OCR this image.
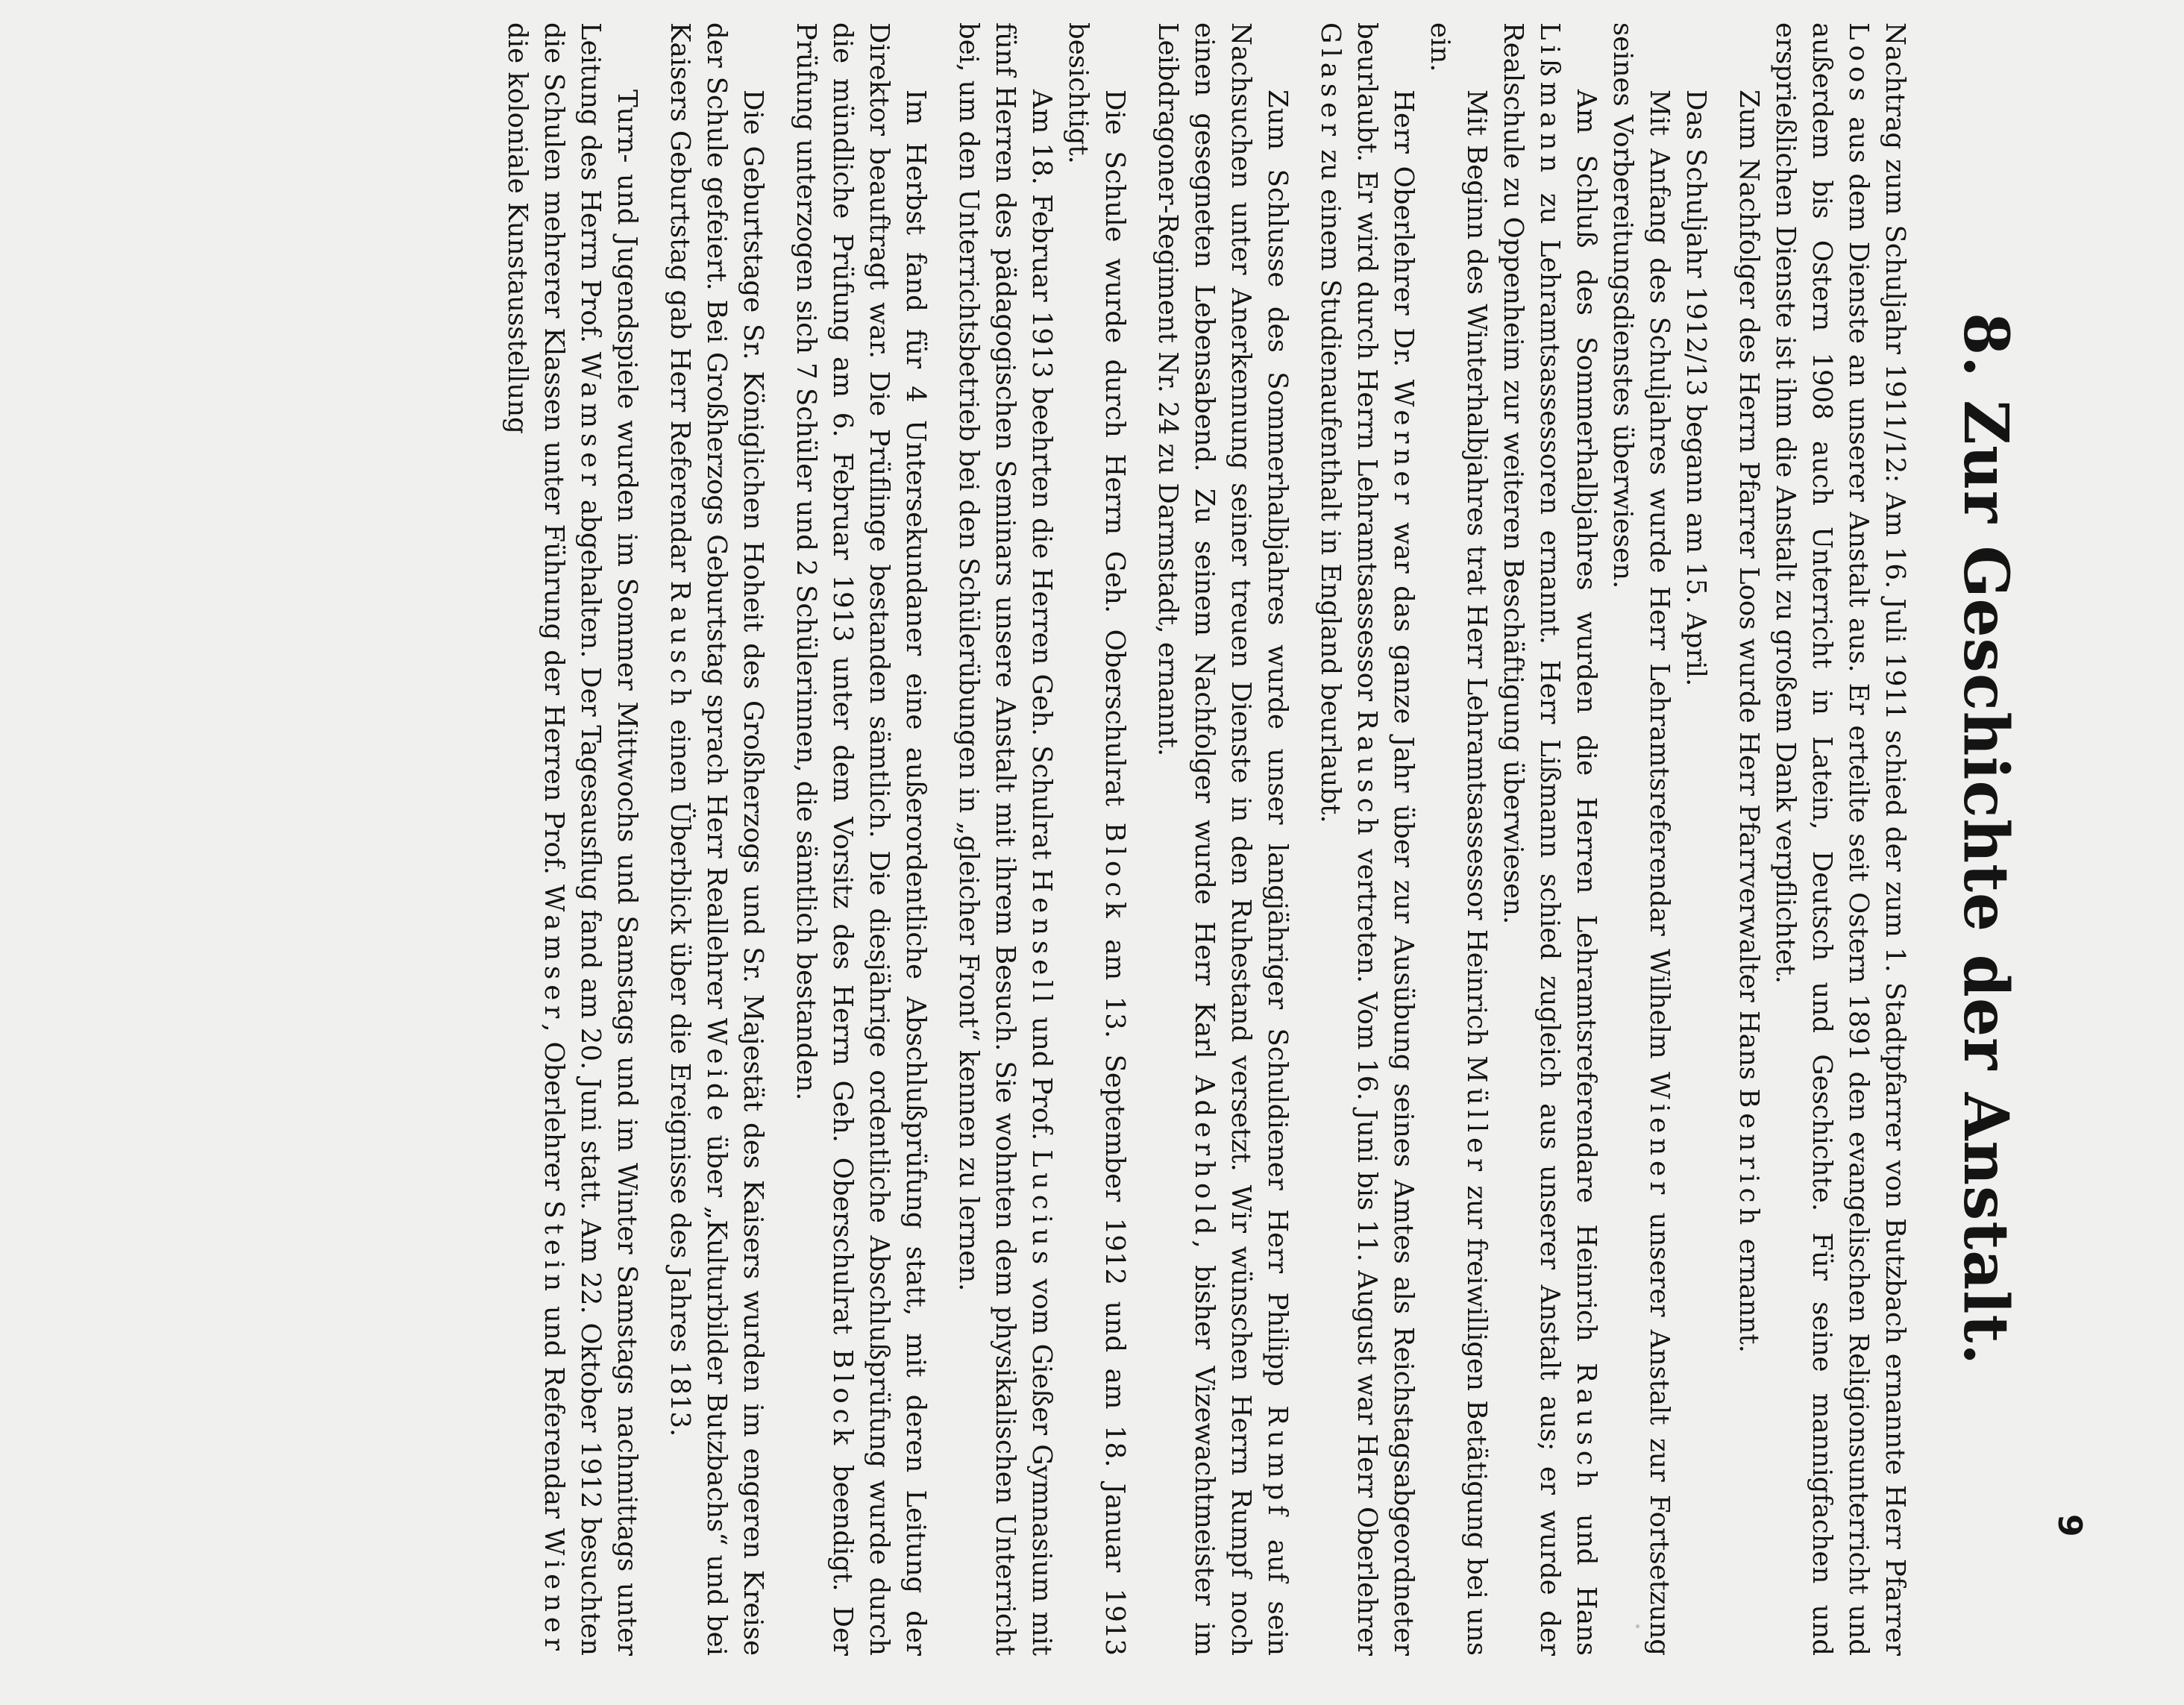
9
8. Zur Geschichte der Anstalt.

Nachtrag zum Schuljahr 1911/12: Am 16. Juli 1911 schied der zum 1. Stadtpfarrer von Butzbach ernannte Herr Pfarrer Loos aus dem Dienste an unserer Anstalt aus. Er erteilte seit Ostern 1891 den evangelischen Religionsunterricht und außerdem bis Ostern 1908 auch Unterricht in Latein, Deutsch und Geschichte. Für seine mannigfachen und ersprießlichen Dienste ist ihm die Anstalt zu großem Dank verpflichtet.

Zum Nachfolger des Herrn Pfarrer Loos wurde Herr Pfarrverwalter Hans Benrich ernannt.

Das Schuljahr 1912/13 begann am 15. April.

Mit Anfang des Schuljahres wurde Herr Lehramtsreferendar Wilhelm Wiener unserer Anstalt zur Fortsetzung seines Vorbereitungsdienstes überwiesen.

Am Schluß des Sommerhalbjahres wurden die Herren Lehramtsreferendare Heinrich Rausch und Hans Lißmann zu Lehramtsassessoren ernannt. Herr Lißmann schied zugleich aus unserer Anstalt aus; er wurde der Realschule zu Oppenheim zur weiteren Beschäftigung überwiesen.

Mit Beginn des Winterhalbjahres trat Herr Lehramtsassessor Heinrich Müller zur freiwilligen Betätigung bei uns ein.

Herr Oberlehrer Dr. Werner war das ganze Jahr über zur Ausübung seines Amtes als Reichstagsabgeordneter beurlaubt. Er wird durch Herrn Lehramtsassessor Rausch vertreten. Vom 16. Juni bis 11. August war Herr Oberlehrer Glaser zu einem Studienaufenthalt in England beurlaubt.

Zum Schlusse des Sommerhalbjahres wurde unser langjähriger Schuldiener Herr Philipp Rumpf auf sein Nachsuchen unter Anerkennung seiner treuen Dienste in den Ruhestand versetzt. Wir wünschen Herrn Rumpf noch einen gesegneten Lebensabend. Zu seinem Nachfolger wurde Herr Karl Aderhold, bisher Vizewachtmeister im Leibdragoner-Regiment Nr. 24 zu Darmstadt, ernannt.

Die Schule wurde durch Herrn Geh. Oberschulrat Block am 13. September 1912 und am 18. Januar 1913 besichtigt.

Am 18. Februar 1913 beehrten die Herren Geh. Schulrat Hensell und Prof. Lucius vom Gießer Gymnasium mit fünf Herren des pädagogischen Seminars unsere Anstalt mit ihrem Besuch. Sie wohnten dem physikalischen Unterricht bei, um den Unterrichtsbetrieb bei den Schülerübungen in „gleicher Front“ kennen zu lernen.

Im Herbst fand für 4 Untersekundaner eine außerordentliche Abschlußprüfung statt, mit deren Leitung der Direktor beauftragt war. Die Prüflinge bestanden sämtlich. Die diesjährige ordentliche Abschlußprüfung wurde durch die mündliche Prüfung am 6. Februar 1913 unter dem Vorsitz des Herrn Geh. Oberschulrat Block beendigt. Der Prüfung unterzogen sich 7 Schüler und 2 Schülerinnen, die sämtlich bestanden.

Die Geburtstage Sr. Königlichen Hoheit des Großherzogs und Sr. Majestät des Kaisers wurden im engeren Kreise der Schule gefeiert. Bei Großherzogs Geburtstag sprach Herr Reallehrer Weide über „Kulturbilder Butzbachs“ und bei Kaisers Geburtstag gab Herr Referendar Rausch einen Überblick über die Ereignisse des Jahres 1813.

Turn- und Jugendspiele wurden im Sommer Mittwochs und Samstags und im Winter Samstags nachmittags unter Leitung des Herrn Prof. Wamser abgehalten. Der Tagesausflug fand am 20. Juni statt. Am 22. Oktober 1912 besuchten die Schulen mehrerer Klassen unter Führung der Herren Prof. Wamser, Oberlehrer Stein und Referendar Wiener die koloniale Kunstausstellung
